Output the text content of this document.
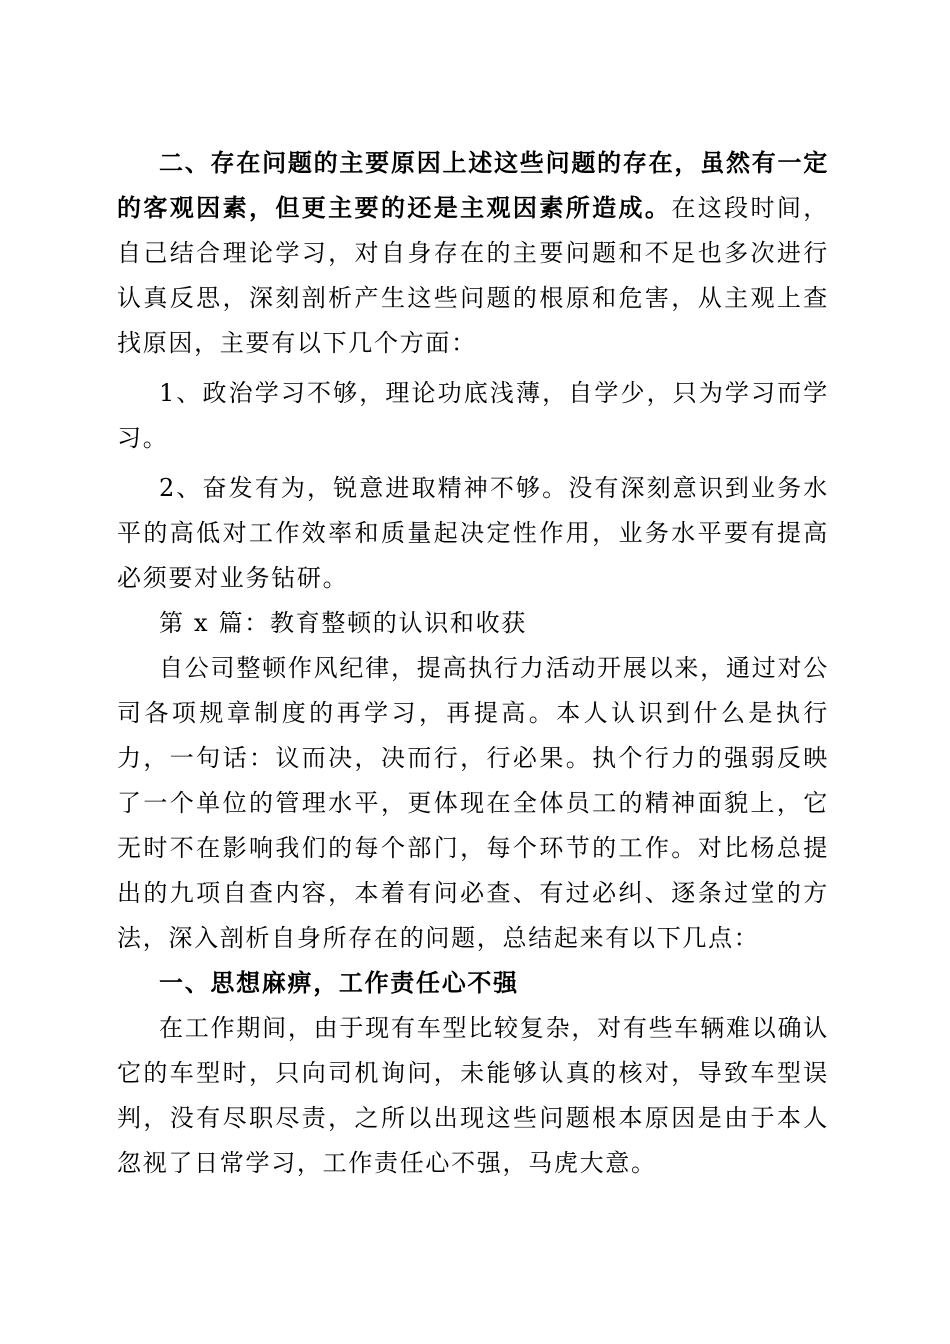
二、存在问题的主要原因上述这些问题的存在，虽然有一定的客观因素，但更主要的还是主观因素所造成。在这段时间，自己结合理论学习，对自身存在的主要问题和不足也多次进行认真反思，深刻剖析产生这些问题的根原和危害，从主观上查找原因，主要有以下几个方面：

1、政治学习不够，理论功底浅薄，自学少，只为学习而学习。

2、奋发有为，锐意进取精神不够。没有深刻意识到业务水平的高低对工作效率和质量起决定性作用，业务水平要有提高必须要对业务钻研。

第 x 篇：教育整顿的认识和收获

自公司整顿作风纪律，提高执行力活动开展以来，通过对公司各项规章制度的再学习，再提高。本人认识到什么是执行力，一句话：议而决，决而行，行必果。执个行力的强弱反映了一个单位的管理水平，更体现在全体员工的精神面貌上，它无时不在影响我们的每个部门，每个环节的工作。对比杨总提出的九项自查内容，本着有问必查、有过必纠、逐条过堂的方法，深入剖析自身所存在的问题，总结起来有以下几点：

一、思想麻痹，工作责任心不强

在工作期间，由于现有车型比较复杂，对有些车辆难以确认它的车型时，只向司机询问，未能够认真的核对，导致车型误判，没有尽职尽责，之所以出现这些问题根本原因是由于本人忽视了日常学习，工作责任心不强，马虎大意。
